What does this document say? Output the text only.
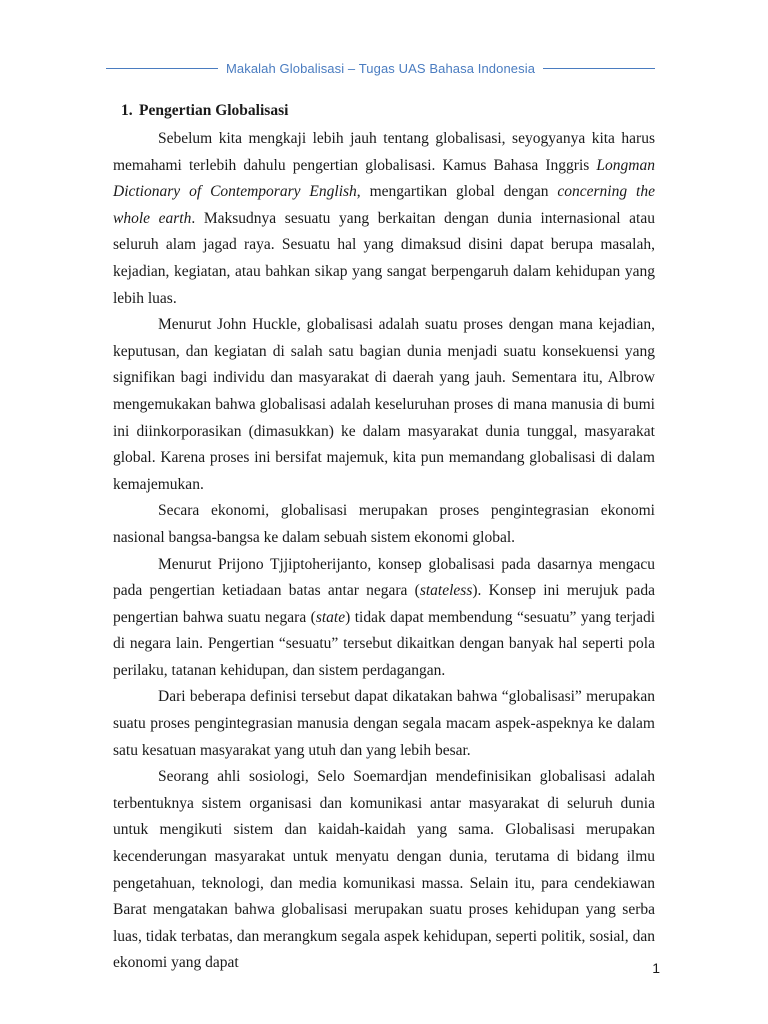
Makalah Globalisasi – Tugas UAS Bahasa Indonesia
1. Pengertian Globalisasi

Sebelum kita mengkaji lebih jauh tentang globalisasi, seyogyanya kita harus memahami terlebih dahulu pengertian globalisasi. Kamus Bahasa Inggris Longman Dictionary of Contemporary English, mengartikan global dengan concerning the whole earth. Maksudnya sesuatu yang berkaitan dengan dunia internasional atau seluruh alam jagad raya. Sesuatu hal yang dimaksud disini dapat berupa masalah, kejadian, kegiatan, atau bahkan sikap yang sangat berpengaruh dalam kehidupan yang lebih luas.

Menurut John Huckle, globalisasi adalah suatu proses dengan mana kejadian, keputusan, dan kegiatan di salah satu bagian dunia menjadi suatu konsekuensi yang signifikan bagi individu dan masyarakat di daerah yang jauh. Sementara itu, Albrow mengemukakan bahwa globalisasi adalah keseluruhan proses di mana manusia di bumi ini diinkorporasikan (dimasukkan) ke dalam masyarakat dunia tunggal, masyarakat global. Karena proses ini bersifat majemuk, kita pun memandang globalisasi di dalam kemajemukan.

Secara ekonomi, globalisasi merupakan proses pengintegrasian ekonomi nasional bangsa-bangsa ke dalam sebuah sistem ekonomi global.

Menurut Prijono Tjjiptoherijanto, konsep globalisasi pada dasarnya mengacu pada pengertian ketiadaan batas antar negara (stateless). Konsep ini merujuk pada pengertian bahwa suatu negara (state) tidak dapat membendung “sesuatu” yang terjadi di negara lain. Pengertian “sesuatu” tersebut dikaitkan dengan banyak hal seperti pola perilaku, tatanan kehidupan, dan sistem perdagangan.

Dari beberapa definisi tersebut dapat dikatakan bahwa “globalisasi” merupakan suatu proses pengintegrasian manusia dengan segala macam aspek-aspeknya ke dalam satu kesatuan masyarakat yang utuh dan yang lebih besar.

Seorang ahli sosiologi, Selo Soemardjan mendefinisikan globalisasi adalah terbentuknya sistem organisasi dan komunikasi antar masyarakat di seluruh dunia untuk mengikuti sistem dan kaidah-kaidah yang sama. Globalisasi merupakan kecenderungan masyarakat untuk menyatu dengan dunia, terutama di bidang ilmu pengetahuan, teknologi, dan media komunikasi massa. Selain itu, para cendekiawan Barat mengatakan bahwa globalisasi merupakan suatu proses kehidupan yang serba luas, tidak terbatas, dan merangkum segala aspek kehidupan, seperti politik, sosial, dan ekonomi yang dapat	1
